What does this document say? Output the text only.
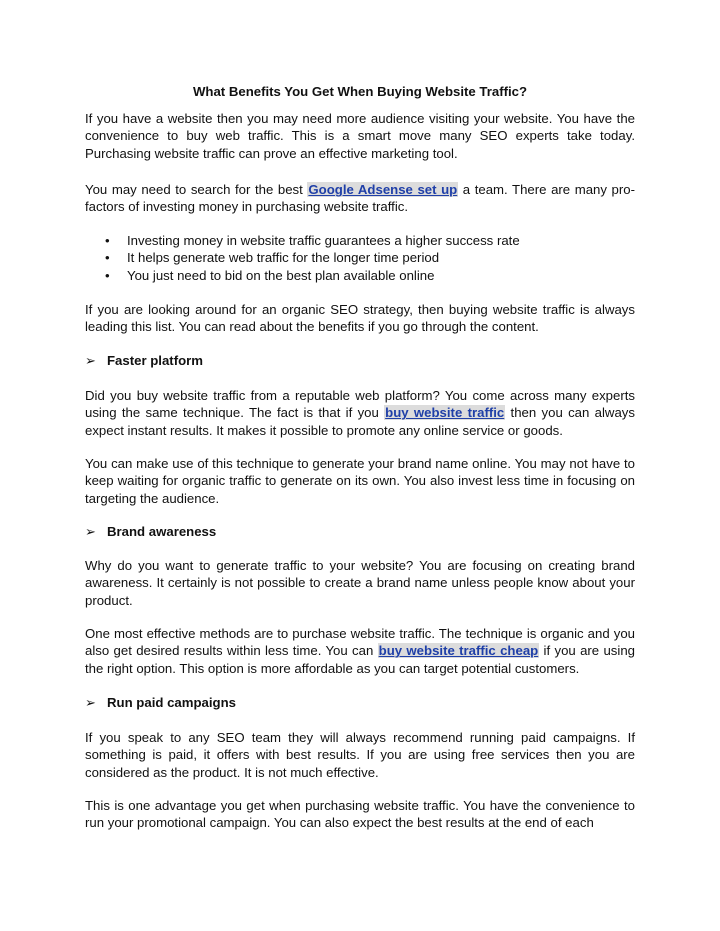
What Benefits You Get When Buying Website Traffic?

If you have a website then you may need more audience visiting your website. You have the convenience to buy web traffic. This is a smart move many SEO experts take today. Purchasing website traffic can prove an effective marketing tool.

You may need to search for the best Google Adsense set up a team. There are many pro-factors of investing money in purchasing website traffic.

• Investing money in website traffic guarantees a higher success rate
• It helps generate web traffic for the longer time period
• You just need to bid on the best plan available online

If you are looking around for an organic SEO strategy, then buying website traffic is always leading this list. You can read about the benefits if you go through the content.

➢ Faster platform

Did you buy website traffic from a reputable web platform? You come across many experts using the same technique. The fact is that if you buy website traffic then you can always expect instant results. It makes it possible to promote any online service or goods.

You can make use of this technique to generate your brand name online. You may not have to keep waiting for organic traffic to generate on its own. You also invest less time in focusing on targeting the audience.

➢ Brand awareness

Why do you want to generate traffic to your website? You are focusing on creating brand awareness. It certainly is not possible to create a brand name unless people know about your product.

One most effective methods are to purchase website traffic. The technique is organic and you also get desired results within less time. You can buy website traffic cheap if you are using the right option. This option is more affordable as you can target potential customers.

➢ Run paid campaigns

If you speak to any SEO team they will always recommend running paid campaigns. If something is paid, it offers with best results. If you are using free services then you are considered as the product. It is not much effective.

This is one advantage you get when purchasing website traffic. You have the convenience to run your promotional campaign. You can also expect the best results at the end of each
